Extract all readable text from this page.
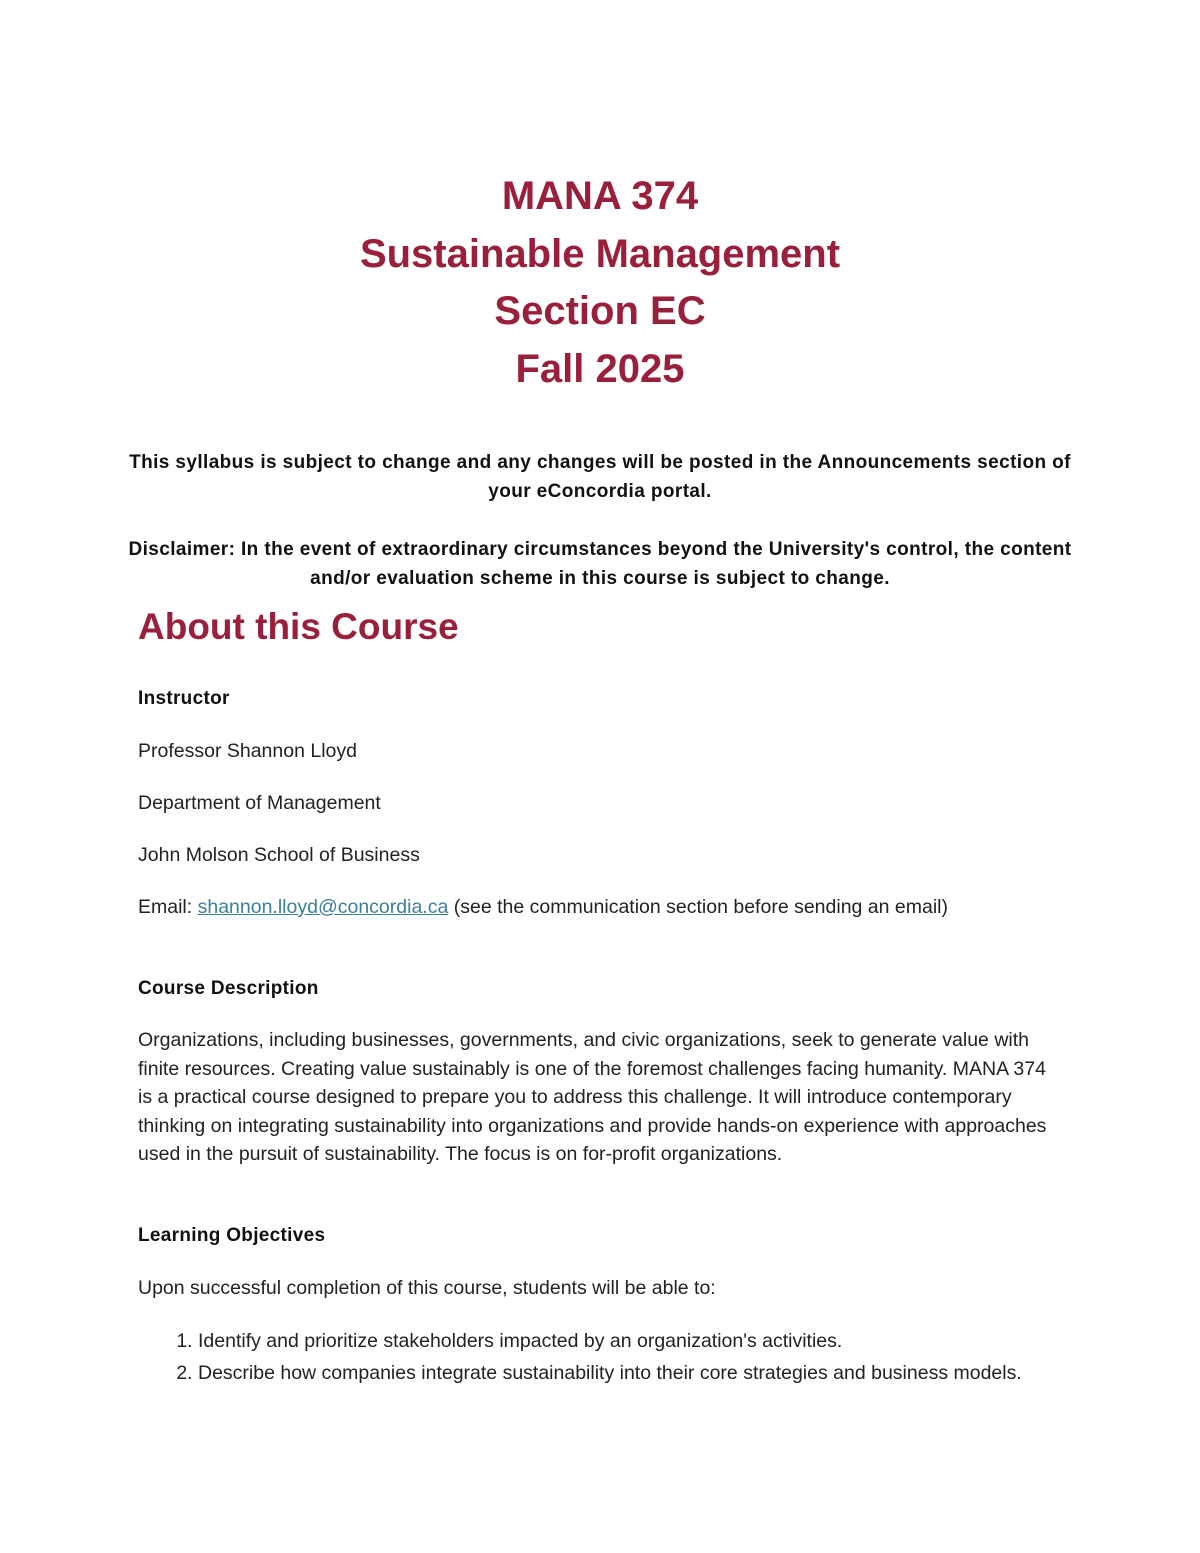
MANA 374
Sustainable Management
Section EC
Fall 2025

This syllabus is subject to change and any changes will be posted in the Announcements section of your eConcordia portal.

Disclaimer: In the event of extraordinary circumstances beyond the University's control, the content and/or evaluation scheme in this course is subject to change.

About this Course
Instructor

Professor Shannon Lloyd

Department of Management

John Molson School of Business

Email: shannon.lloyd@concordia.ca (see the communication section before sending an email)

Course Description

Organizations, including businesses, governments, and civic organizations, seek to generate value with finite resources. Creating value sustainably is one of the foremost challenges facing humanity. MANA 374 is a practical course designed to prepare you to address this challenge. It will introduce contemporary thinking on integrating sustainability into organizations and provide hands-on experience with approaches used in the pursuit of sustainability. The focus is on for-profit organizations.

Learning Objectives

Upon successful completion of this course, students will be able to:

1. Identify and prioritize stakeholders impacted by an organization's activities.
2. Describe how companies integrate sustainability into their core strategies and business models.
